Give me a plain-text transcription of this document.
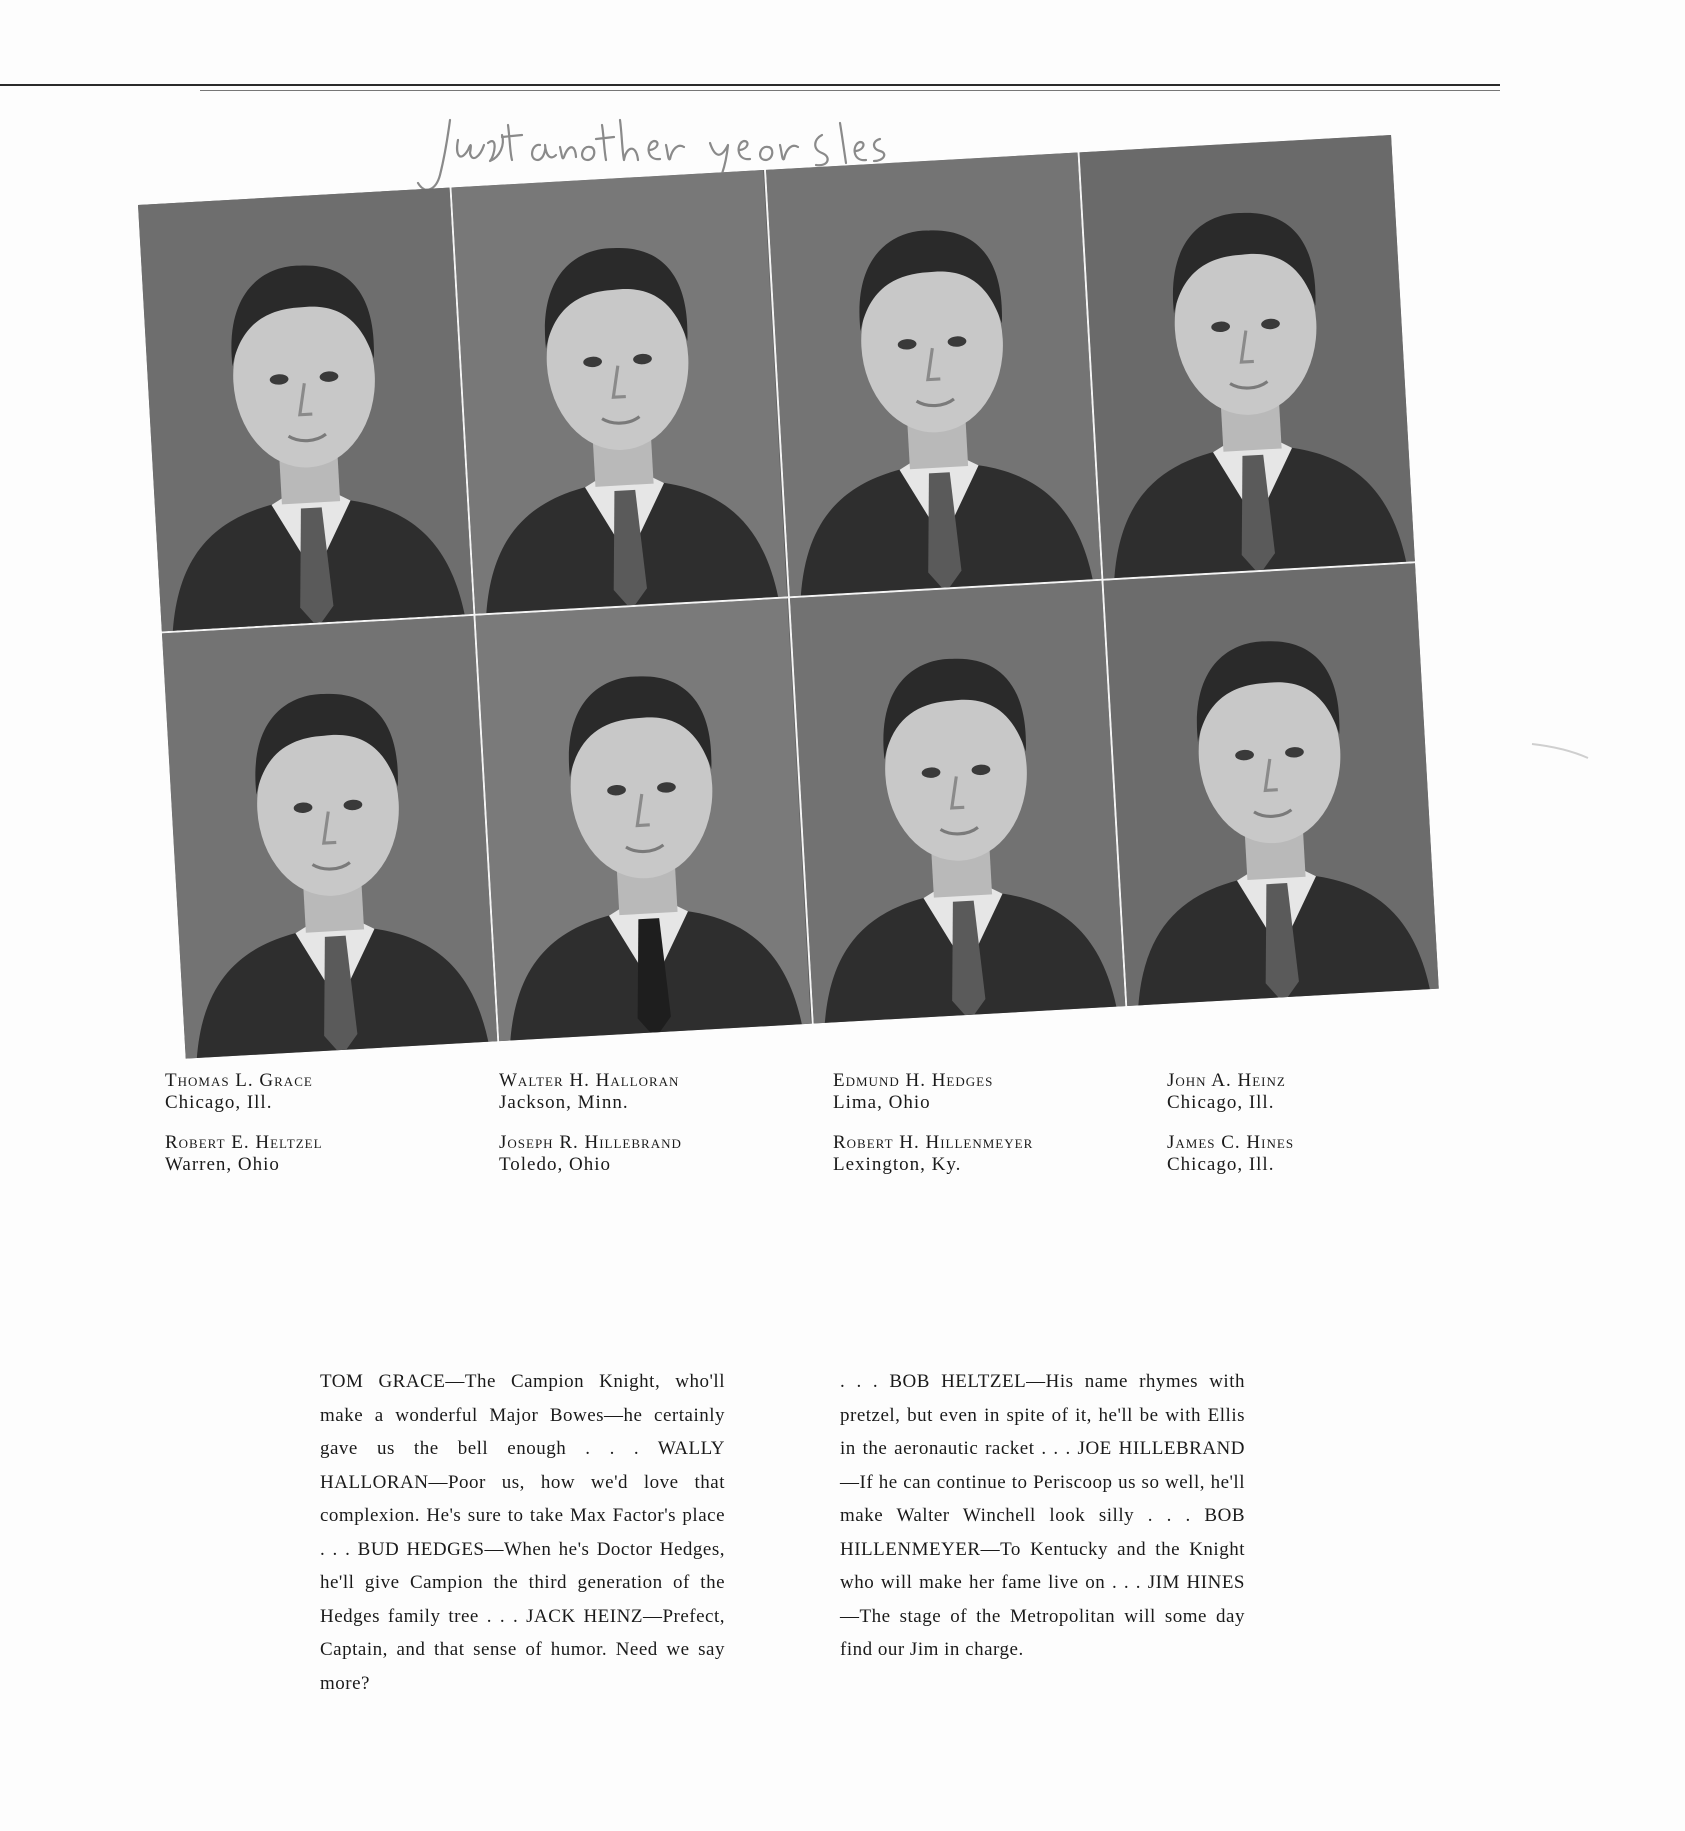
Thomas L. Grace
Chicago, Ill.
Walter H. Halloran
Jackson, Minn.
Edmund H. Hedges
Lima, Ohio
John A. Heinz
Chicago, Ill.
Robert E. Heltzel
Warren, Ohio
Joseph R. Hillebrand
Toledo, Ohio
Robert H. Hillenmeyer
Lexington, Ky.
James C. Hines
Chicago, Ill.
TOM GRACE—The Campion Knight, who'll make a wonderful Major Bowes—he certainly gave us the bell enough . . . WALLY HALLORAN—Poor us, how we'd love that complexion. He's sure to take Max Factor's place . . . BUD HEDGES—When he's Doctor Hedges, he'll give Campion the third generation of the Hedges family tree . . . JACK HEINZ—Prefect, Captain, and that sense of humor. Need we say more?
. . . BOB HELTZEL—His name rhymes with pretzel, but even in spite of it, he'll be with Ellis in the aeronautic racket . . . JOE HILLEBRAND—If he can continue to Periscoop us so well, he'll make Walter Winchell look silly . . . BOB HILLENMEYER—To Kentucky and the Knight who will make her fame live on . . . JIM HINES—The stage of the Metropolitan will some day find our Jim in charge.
